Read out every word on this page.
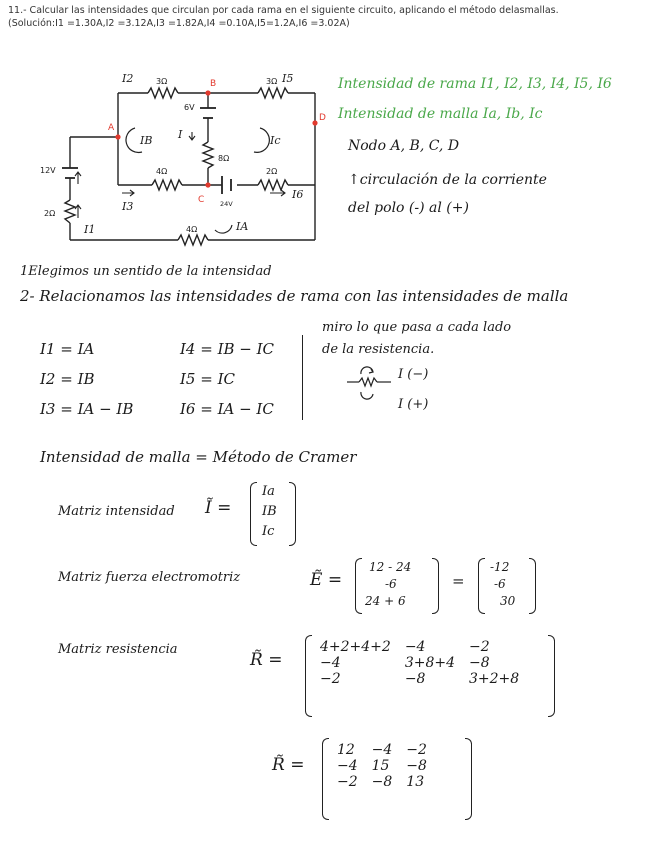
11.- Calcular las intensidades que circulan por cada rama en el siguiente circuito, aplicando el método delasmallas.
(Solución:I1 =1.30A,I2 =3.12A,I3 =1.82A,I4 =0.10A,I5=1.2A,I6 =3.02A)
3Ω	3Ω
4Ω
8Ω
2Ω
2Ω
4Ω
6V
12V
24V
I2	I5
I1
I3
I6
I
IB	Ic
IA
A
B
C
D
Intensidad de rama I1, I2, I3, I4, I5, I6
Intensidad de malla Ia, Ib, Ic
Nodo A, B, C, D
↑circulación de la corriente
del polo (-) al (+)
1Elegimos un sentido de la intensidad
2- Relacionamos las intensidades de rama con las intensidades de malla
I1 = IA
I2 = IB
I3 = IA − IB
I4 = IB − IC
I5 = IC
I6 = IA − IC
miro lo que pasa a cada lado
de la resistencia.
I (−)
I (+)
Intensidad de malla = Método de Cramer
Matriz intensidad Ĩ =
Ia
IB
Ic
Matriz fuerza electromotriz	Ẽ =
12 - 24
-6
24 + 6
=
-12
-6
30
Matriz resistencia
R̃ =
4+2+4+2	−4	−2
−4	3+8+4	−8
−2	−8	3+2+8
R̃ =
12	−4	−2
−4	15	−8
−2	−8	13
